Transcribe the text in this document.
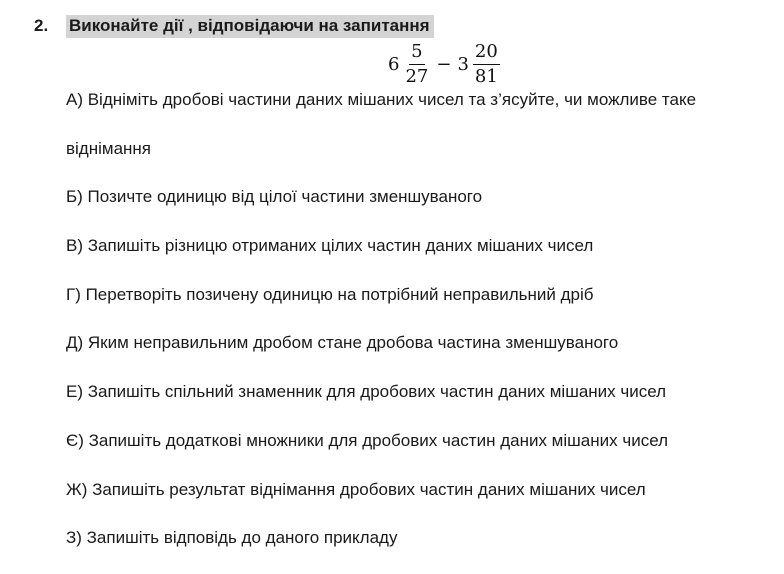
2.	Виконайте дії , відповідаючи на запитання
$6 \frac{5}{27} - 3 \frac{20}{81}$
А) Відніміть дробові частини даних мішаних чисел та з’ясуйте, чи можливе таке
віднімання
Б) Позичте одиницю від цілої частини зменшуваного
В) Запишіть різницю отриманих цілих частин даних мішаних чисел
Г) Перетворіть позичену одиницю на потрібний неправильний дріб
Д) Яким неправильним дробом стане дробова частина зменшуваного
Е) Запишіть спільний знаменник для дробових частин даних мішаних чисел
Є) Запишіть додаткові множники для дробових частин даних мішаних чисел
Ж) Запишіть результат віднімання дробових частин даних мішаних чисел
З) Запишіть відповідь до даного прикладу
